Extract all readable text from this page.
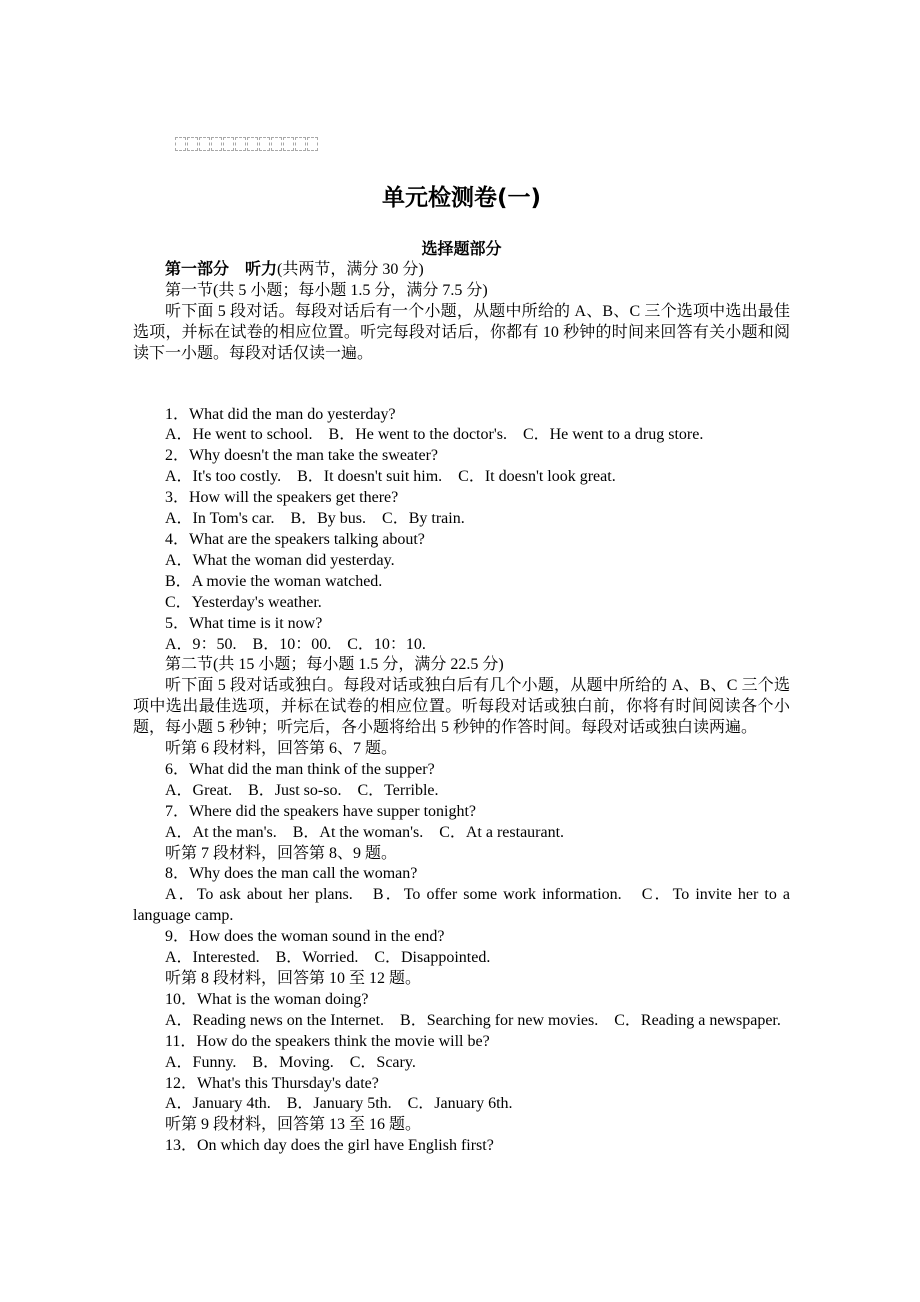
单元检测卷(一)
选择题部分

第一部分　听力(共两节，满分 30 分)

第一节(共 5 小题；每小题 1.5 分，满分 7.5 分)

听下面 5 段对话。每段对话后有一个小题，从题中所给的 A、B、C 三个选项中选出最佳选项，并标在试卷的相应位置。听完每段对话后，你都有 10 秒钟的时间来回答有关小题和阅读下一小题。每段对话仅读一遍。

1．What did the man do yesterday?

A．He went to school.　B．He went to the doctor's.　C．He went to a drug store.

2．Why doesn't the man take the sweater?

A．It's too costly.　B．It doesn't suit him.　C．It doesn't look great.

3．How will the speakers get there?

A．In Tom's car.　B．By bus.　C．By train.

4．What are the speakers talking about?

A．What the woman did yesterday.

B．A movie the woman watched.

C．Yesterday's weather.

5．What time is it now?

A．9：50.　B．10：00.　C．10：10.

第二节(共 15 小题；每小题 1.5 分，满分 22.5 分)

听下面 5 段对话或独白。每段对话或独白后有几个小题，从题中所给的 A、B、C 三个选项中选出最佳选项，并标在试卷的相应位置。听每段对话或独白前，你将有时间阅读各个小题，每小题 5 秒钟；听完后，各小题将给出 5 秒钟的作答时间。每段对话或独白读两遍。

听第 6 段材料，回答第 6、7 题。

6．What did the man think of the supper?

A．Great.　B．Just so-so.　C．Terrible.

7．Where did the speakers have supper tonight?

A．At the man's.　B．At the woman's.　C．At a restaurant.

听第 7 段材料，回答第 8、9 题。

8．Why does the man call the woman?

A．To ask about her plans.　B．To offer some work information.　C．To invite her to a language camp.

9．How does the woman sound in the end?

A．Interested.　B．Worried.　C．Disappointed.

听第 8 段材料，回答第 10 至 12 题。

10．What is the woman doing?

A．Reading news on the Internet.　B．Searching for new movies.　C．Reading a newspaper.

11．How do the speakers think the movie will be?

A．Funny.　B．Moving.　C．Scary.

12．What's this Thursday's date?

A．January 4th.　B．January 5th.　C．January 6th.

听第 9 段材料，回答第 13 至 16 题。

13．On which day does the girl have English first?
